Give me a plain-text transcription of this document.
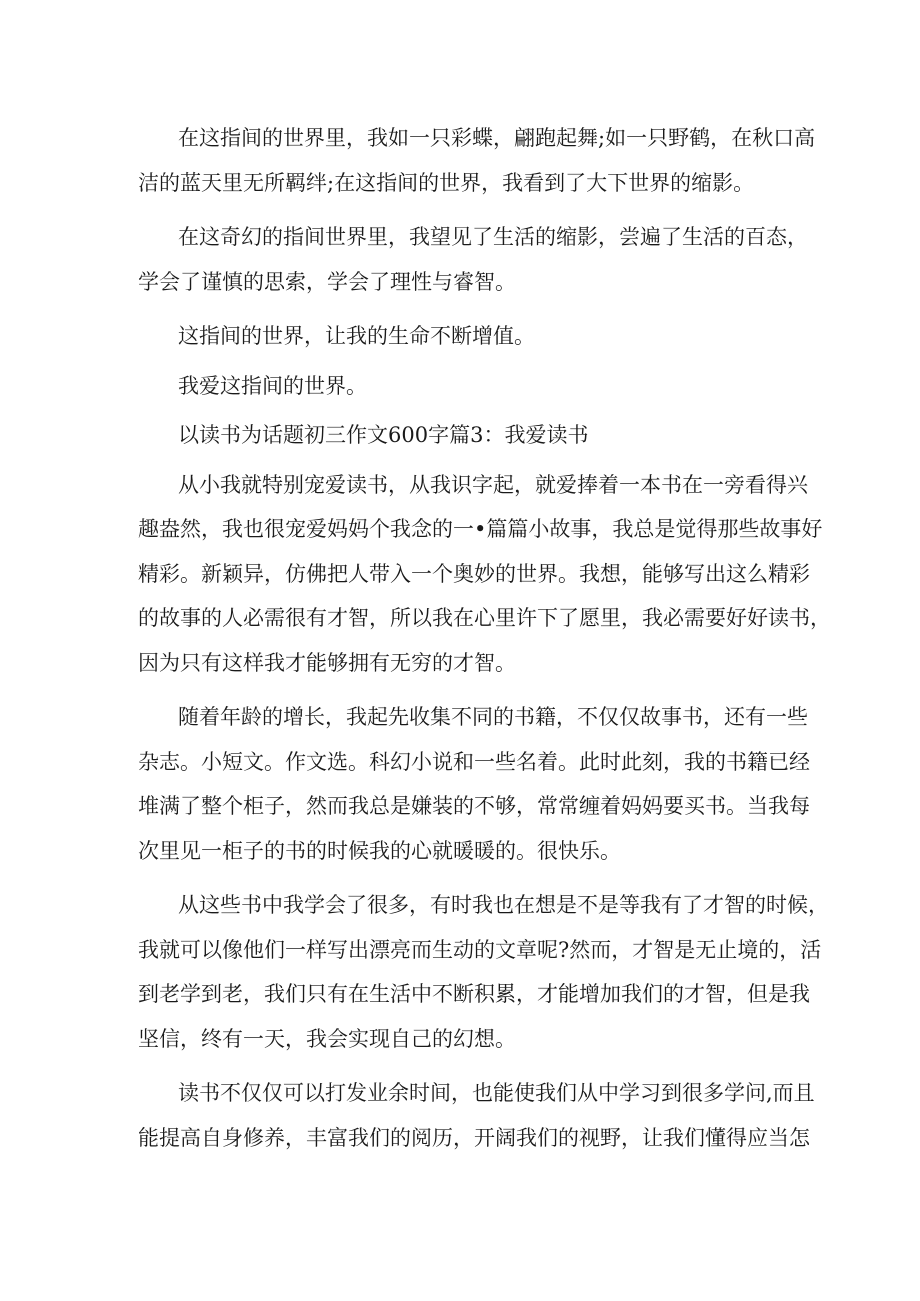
在这指间的世界里，我如一只彩蝶，翩跑起舞;如一只野鹤，在秋口高
洁的蓝天里无所羁绊;在这指间的世界，我看到了大下世界的缩影。

在这奇幻的指间世界里，我望见了生活的缩影，尝遍了生活的百态，
学会了谨慎的思索，学会了理性与睿智。

这指间的世界，让我的生命不断增值。

我爱这指间的世界。

以读书为话题初三作文600字篇3：我爱读书

从小我就特别宠爱读书，从我识字起，就爱捧着一本书在一旁看得兴
趣盎然，我也很宠爱妈妈个我念的一•篇篇小故事，我总是觉得那些故事好
精彩。新颖异，仿佛把人带入一个奥妙的世界。我想，能够写出这么精彩
的故事的人必需很有才智，所以我在心里许下了愿里，我必需要好好读书，
因为只有这样我才能够拥有无穷的才智。

随着年龄的增长，我起先收集不同的书籍，不仅仅故事书，还有一些
杂志。小短文。作文选。科幻小说和一些名着。此时此刻，我的书籍已经
堆满了整个柜子，然而我总是嫌装的不够，常常缠着妈妈要买书。当我每
次里见一柜子的书的时候我的心就暖暖的。很快乐。

从这些书中我学会了很多，有时我也在想是不是等我有了才智的时候，
我就可以像他们一样写出漂亮而生动的文章呢?然而，才智是无止境的，活
到老学到老，我们只有在生活中不断积累，才能增加我们的才智，但是我
坚信，终有一天，我会实现自己的幻想。

读书不仅仅可以打发业余时间，也能使我们从中学习到很多学问,而且
能提高自身修养，丰富我们的阅历，开阔我们的视野，让我们懂得应当怎
